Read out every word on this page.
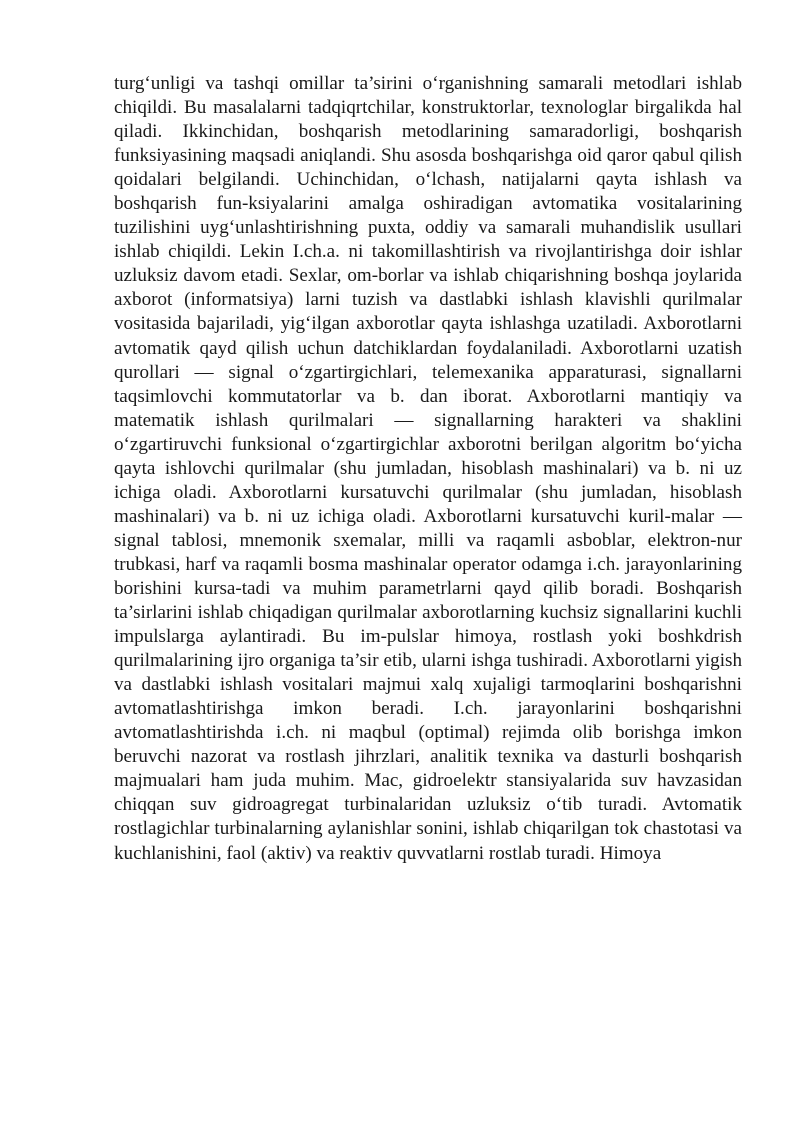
turg‘unligi va tashqi omillar ta’sirini o‘rganishning samarali metodlari ishlab chiqildi. Bu masalalarni tadqiqrtchilar, konstruktorlar, texnologlar birgalikda hal qiladi. Ikkinchidan, boshqarish metodlarining samaradorligi, boshqarish funksiyasining maqsadi aniqlandi. Shu asosda boshqarishga oid qaror qabul qilish qoidalari belgilandi. Uchinchidan, o‘lchash, natijalarni qayta ishlash va boshqarish fun-ksiyalarini amalga oshiradigan avtomatika vositalarining tuzilishini uyg‘unlashtirishning puxta, oddiy va samarali muhandislik usullari ishlab chiqildi. Lekin I.ch.a. ni takomillashtirish va rivojlantirishga doir ishlar uzluksiz davom etadi. Sexlar, om-borlar va ishlab chiqarishning boshqa joylarida axborot (informatsiya) larni tuzish va dastlabki ishlash klavishli qurilmalar vositasida bajariladi, yig‘ilgan axborotlar qayta ishlashga uzatiladi. Axborotlarni avtomatik qayd qilish uchun datchiklardan foydalaniladi. Axborotlarni uzatish qurollari — signal o‘zgartirgichlari, telemexanika apparaturasi, signallarni taqsimlovchi kommutatorlar va b. dan iborat. Axborotlarni mantiqiy va matematik ishlash qurilmalari — signallarning harakteri va shaklini o‘zgartiruvchi funksional o‘zgartirgichlar axborotni berilgan algoritm bo‘yicha qayta ishlovchi qurilmalar (shu jumladan, hisoblash mashinalari) va b. ni uz ichiga oladi. Axborotlarni kursatuvchi qurilmalar (shu jumladan, hisoblash mashinalari) va b. ni uz ichiga oladi. Axborotlarni kursatuvchi kuril-malar — signal tablosi, mnemonik sxemalar, milli va raqamli asboblar, elektron-nur trubkasi, harf va raqamli bosma mashinalar operator odamga i.ch. jarayonlarining borishini kursa-tadi va muhim parametrlarni qayd qilib boradi. Boshqarish ta’sirlarini ishlab chiqadigan qurilmalar axborotlarning kuchsiz signallarini kuchli impulslarga aylantiradi. Bu im-pulslar himoya, rostlash yoki boshkdrish qurilmalarining ijro organiga ta’sir etib, ularni ishga tushiradi. Axborotlarni yigish va dastlabki ishlash vositalari majmui xalq xujaligi tarmoqlarini boshqarishni avtomatlashtirishga imkon beradi. I.ch. jarayonlarini boshqarishni avtomatlashtirishda i.ch. ni maqbul (optimal) rejimda olib borishga imkon beruvchi nazorat va rostlash jihrzlari, analitik texnika va dasturli boshqarish majmualari ham juda muhim. Mac, gidroelektr stansiyalarida suv havzasidan chiqqan suv gidroagregat turbinalaridan uzluksiz o‘tib turadi. Avtomatik rostlagichlar turbinalarning aylanishlar sonini, ishlab chiqarilgan tok chastotasi va kuchlanishini, faol (aktiv) va reaktiv quvvatlarni rostlab turadi. Himoya
